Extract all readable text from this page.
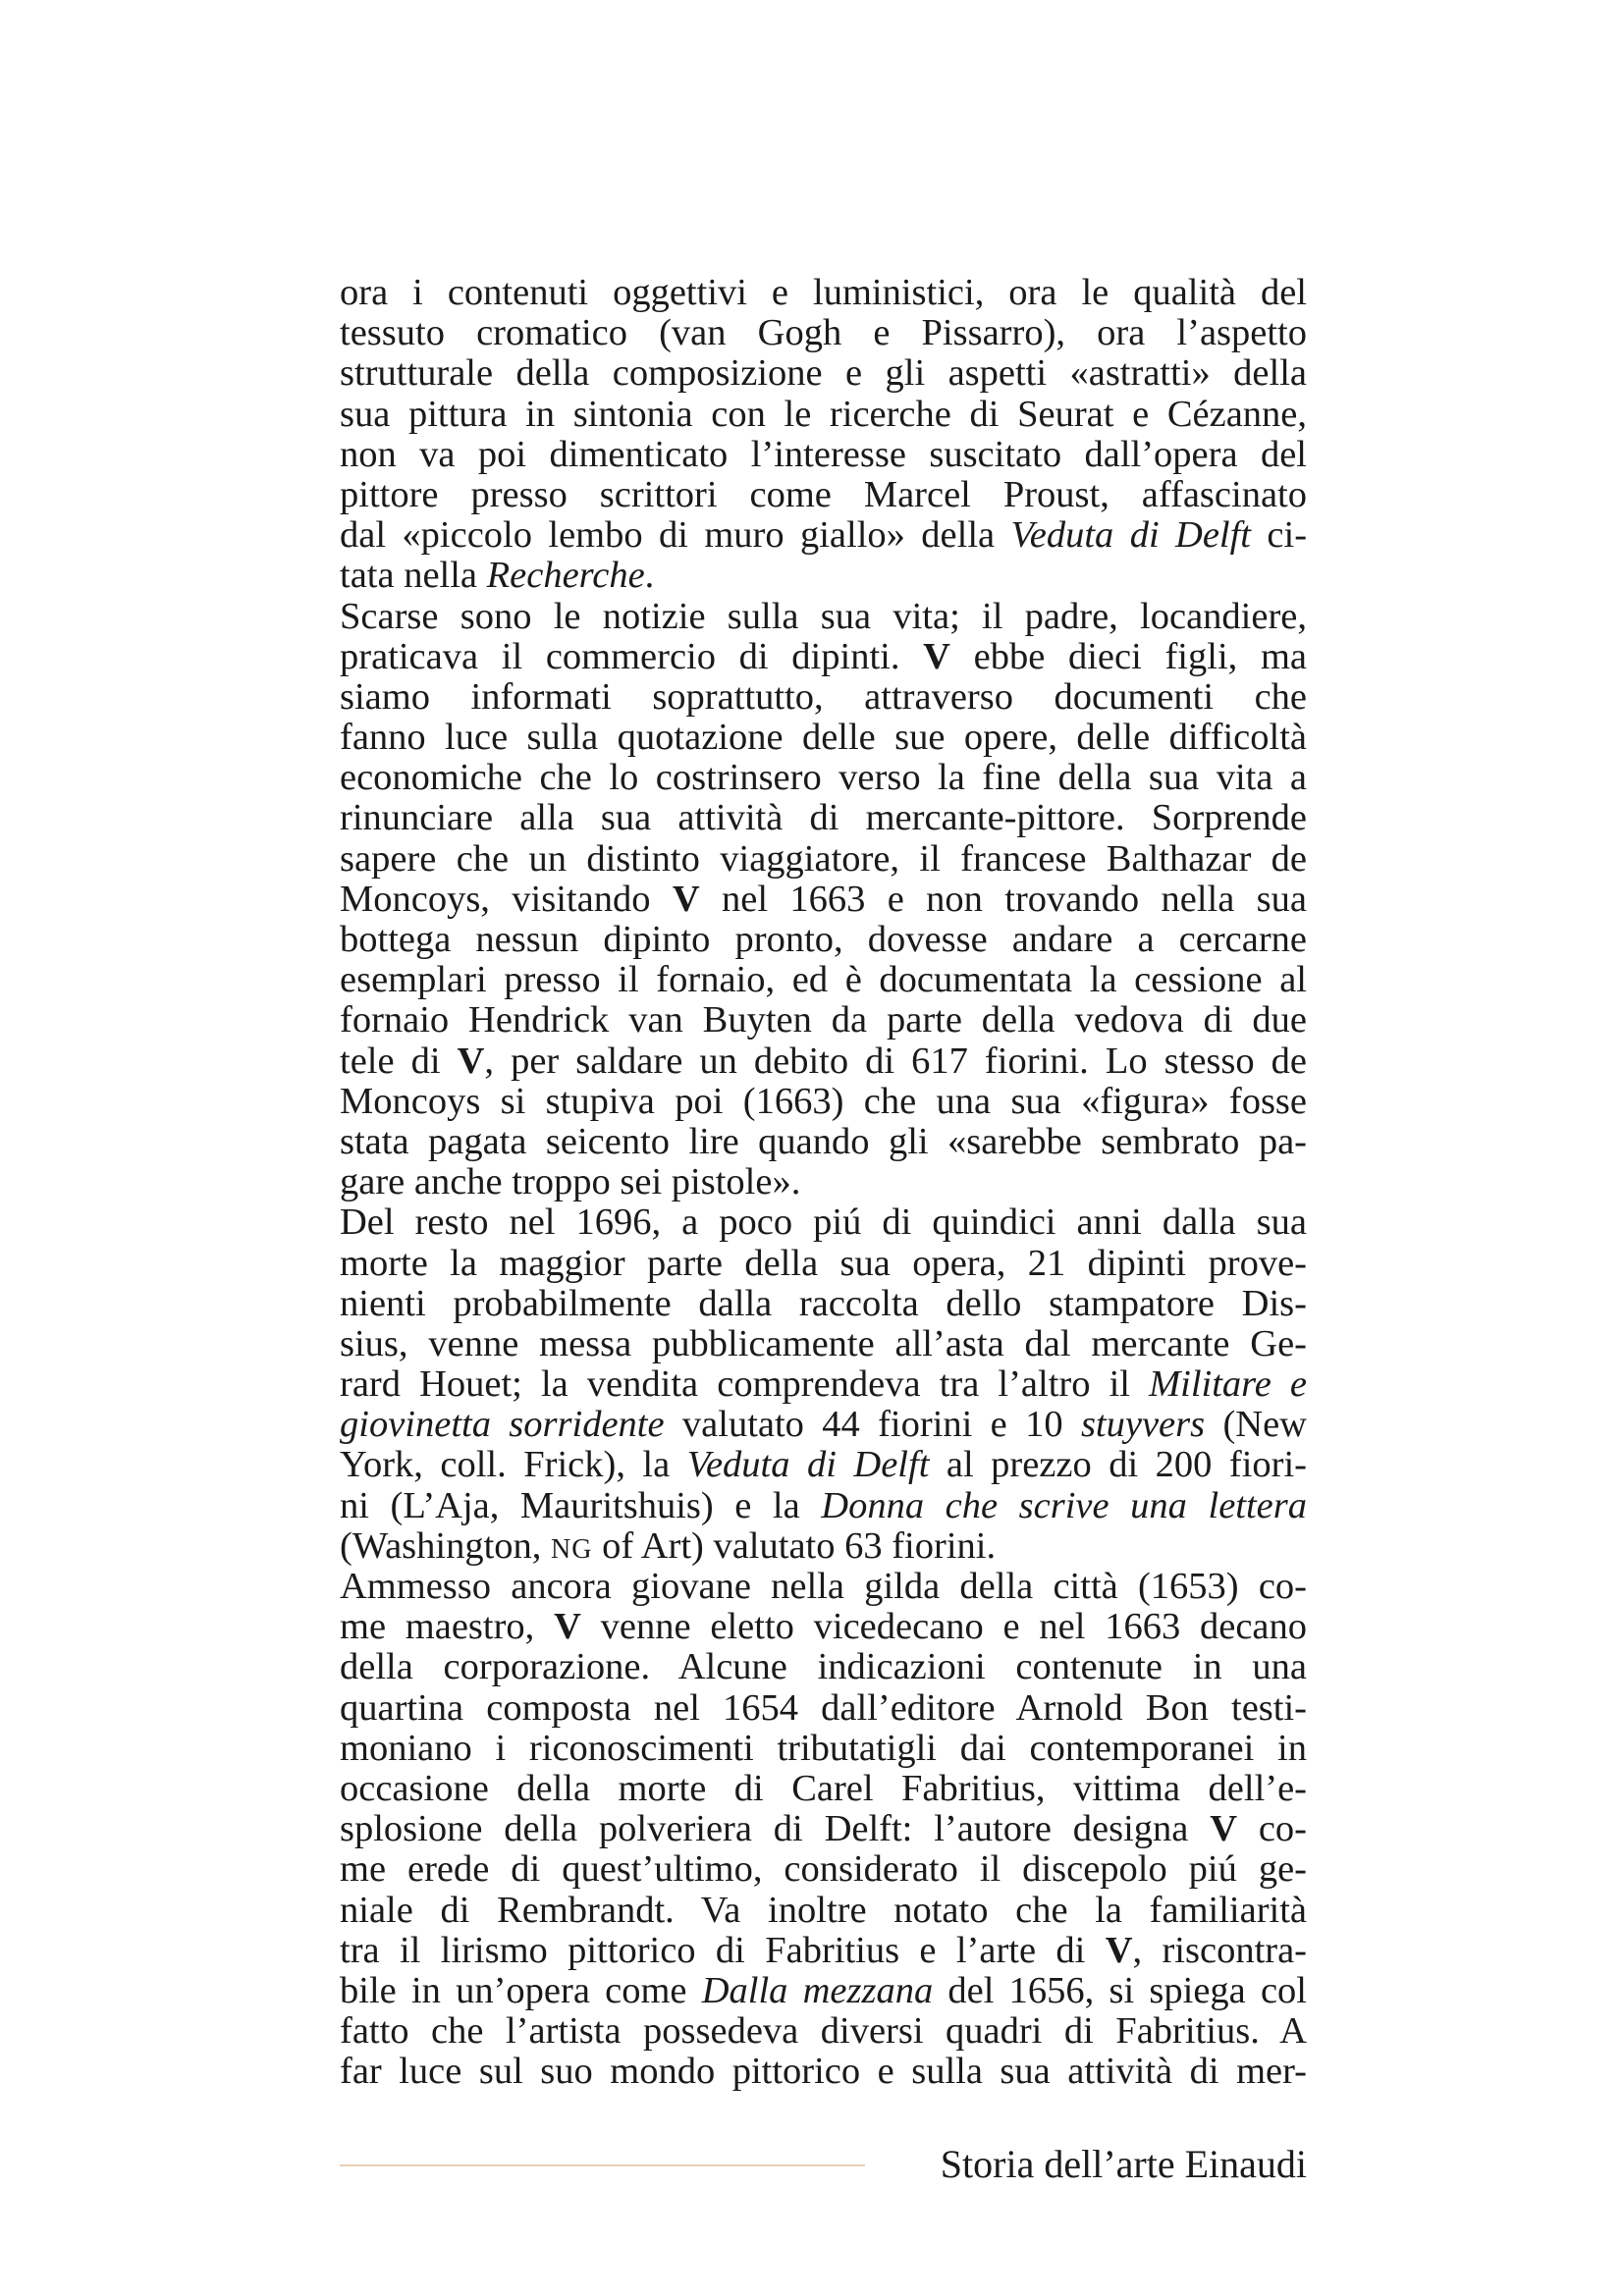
ora i contenuti oggettivi e luministici, ora le qualità del
tessuto cromatico (van Gogh e Pissarro), ora l’aspetto
strutturale della composizione e gli aspetti «astratti» della
sua pittura in sintonia con le ricerche di Seurat e Cézanne,
non va poi dimenticato l’interesse suscitato dall’opera del
pittore presso scrittori come Marcel Proust, affascinato
dal «piccolo lembo di muro giallo» della Veduta di Delft ci-
tata nella Recherche.
Scarse sono le notizie sulla sua vita; il padre, locandiere,
praticava il commercio di dipinti. V ebbe dieci figli, ma
siamo informati soprattutto, attraverso documenti che
fanno luce sulla quotazione delle sue opere, delle difficoltà
economiche che lo costrinsero verso la fine della sua vita a
rinunciare alla sua attività di mercante-pittore. Sorprende
sapere che un distinto viaggiatore, il francese Balthazar de
Moncoys, visitando V nel 1663 e non trovando nella sua
bottega nessun dipinto pronto, dovesse andare a cercarne
esemplari presso il fornaio, ed è documentata la cessione al
fornaio Hendrick van Buyten da parte della vedova di due
tele di V, per saldare un debito di 617 fiorini. Lo stesso de
Moncoys si stupiva poi (1663) che una sua «figura» fosse
stata pagata seicento lire quando gli «sarebbe sembrato pa-
gare anche troppo sei pistole».
Del resto nel 1696, a poco piú di quindici anni dalla sua
morte la maggior parte della sua opera, 21 dipinti prove-
nienti probabilmente dalla raccolta dello stampatore Dis-
sius, venne messa pubblicamente all’asta dal mercante Ge-
rard Houet; la vendita comprendeva tra l’altro il Militare e
giovinetta sorridente valutato 44 fiorini e 10 stuyvers (New
York, coll. Frick), la Veduta di Delft al prezzo di 200 fiori-
ni (L’Aja, Mauritshuis) e la Donna che scrive una lettera
(Washington, NG of Art) valutato 63 fiorini.
Ammesso ancora giovane nella gilda della città (1653) co-
me maestro, V venne eletto vicedecano e nel 1663 decano
della corporazione. Alcune indicazioni contenute in una
quartina composta nel 1654 dall’editore Arnold Bon testi-
moniano i riconoscimenti tributatigli dai contemporanei in
occasione della morte di Carel Fabritius, vittima dell’e-
splosione della polveriera di Delft: l’autore designa V co-
me erede di quest’ultimo, considerato il discepolo piú ge-
niale di Rembrandt. Va inoltre notato che la familiarità
tra il lirismo pittorico di Fabritius e l’arte di V, riscontra-
bile in un’opera come Dalla mezzana del 1656, si spiega col
fatto che l’artista possedeva diversi quadri di Fabritius. A
far luce sul suo mondo pittorico e sulla sua attività di mer-
Storia dell’arte Einaudi
